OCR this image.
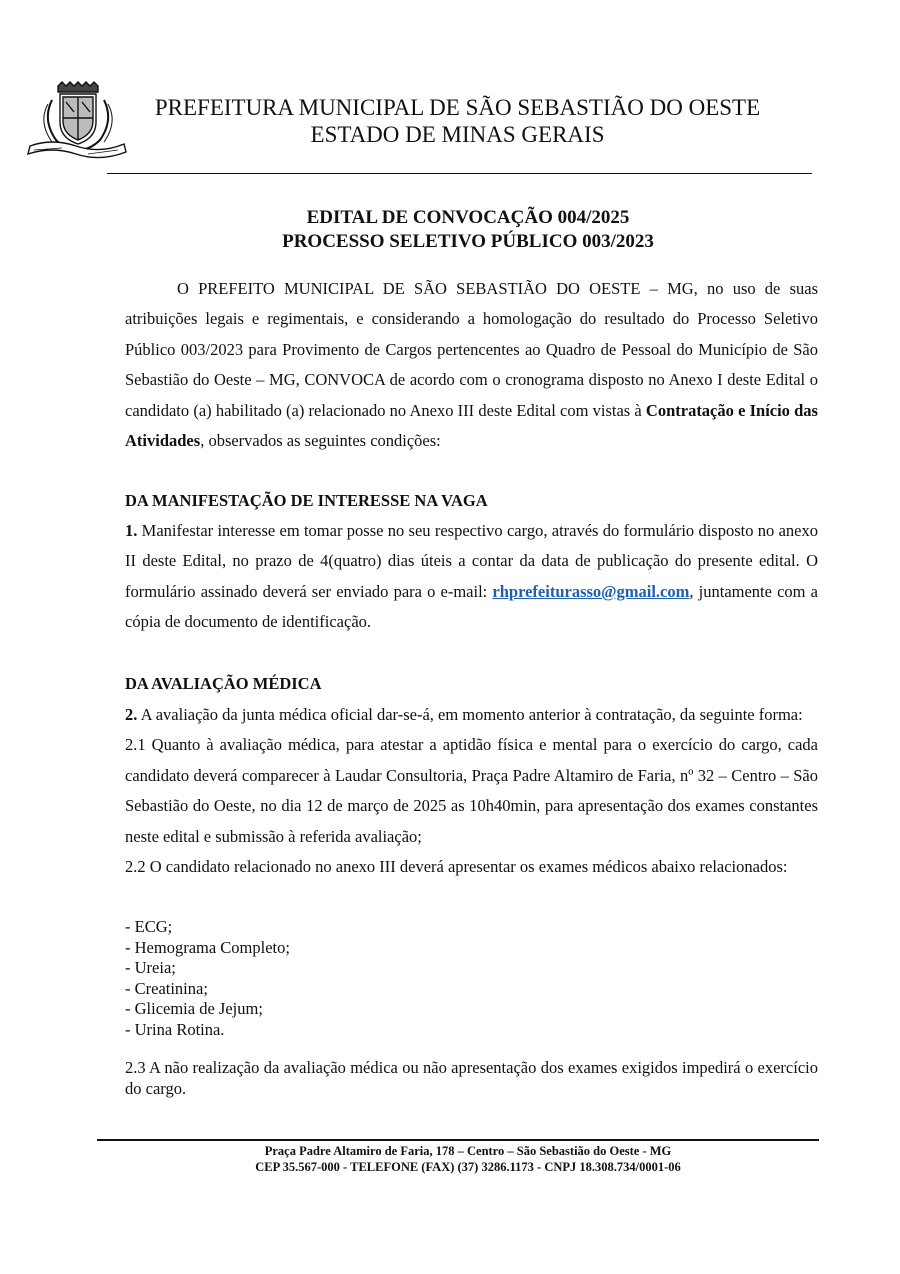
PREFEITURA MUNICIPAL DE SÃO SEBASTIÃO DO OESTE
ESTADO DE MINAS GERAIS
EDITAL DE CONVOCAÇÃO 004/2025
PROCESSO SELETIVO PÚBLICO 003/2023

O PREFEITO MUNICIPAL DE SÃO SEBASTIÃO DO OESTE – MG, no uso de suas atribuições legais e regimentais, e considerando a homologação do resultado do Processo Seletivo Público 003/2023 para Provimento de Cargos pertencentes ao Quadro de Pessoal do Município de São Sebastião do Oeste – MG, CONVOCA de acordo com o cronograma disposto no Anexo I deste Edital o candidato (a) habilitado (a) relacionado no Anexo III deste Edital com vistas à Contratação e Início das Atividades, observados as seguintes condições:

DA MANIFESTAÇÃO DE INTERESSE NA VAGA

1. Manifestar interesse em tomar posse no seu respectivo cargo, através do formulário disposto no anexo II deste Edital, no prazo de 4(quatro) dias úteis a contar da data de publicação do presente edital. O formulário assinado deverá ser enviado para o e-mail: rhprefeiturasso@gmail.com, juntamente com a cópia de documento de identificação.

DA AVALIAÇÃO MÉDICA

2. A avaliação da junta médica oficial dar-se-á, em momento anterior à contratação, da seguinte forma:

2.1 Quanto à avaliação médica, para atestar a aptidão física e mental para o exercício do cargo, cada candidato deverá comparecer à Laudar Consultoria, Praça Padre Altamiro de Faria, nº 32 – Centro – São Sebastião do Oeste, no dia 12 de março de 2025 as 10h40min, para apresentação dos exames constantes neste edital e submissão à referida avaliação;

2.2 O candidato relacionado no anexo III deverá apresentar os exames médicos abaixo relacionados:

- ECG;
- Hemograma Completo;
- Ureia;
- Creatinina;
- Glicemia de Jejum;
- Urina Rotina.

2.3 A não realização da avaliação médica ou não apresentação dos exames exigidos impedirá o exercício do cargo.

Praça Padre Altamiro de Faria, 178 – Centro – São Sebastião do Oeste - MG
CEP 35.567-000 - TELEFONE (FAX) (37) 3286.1173 - CNPJ 18.308.734/0001-06
